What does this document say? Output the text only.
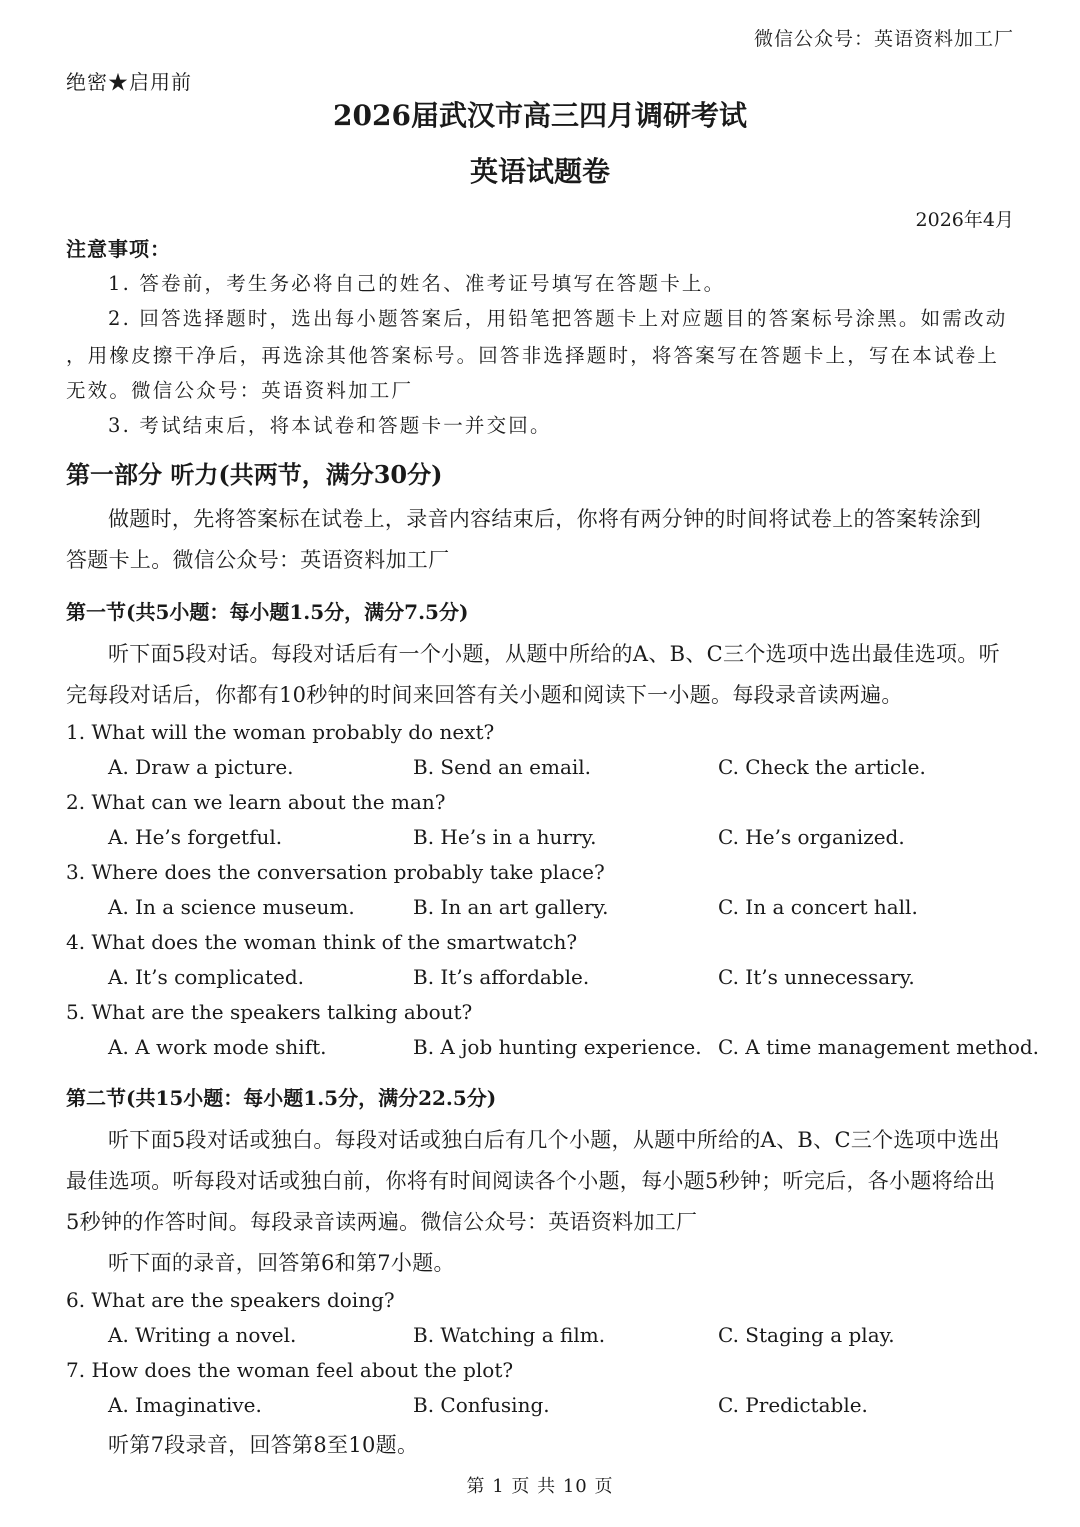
微信公众号：英语资料加工厂
绝密★启用前
2026届武汉市高三四月调研考试
英语试题卷
2026年4月
注意事项：
1. 答卷前，考生务必将自己的姓名、准考证号填写在答题卡上。
2. 回答选择题时，选出每小题答案后，用铅笔把答题卡上对应题目的答案标号涂黑。如需改动
，用橡皮擦干净后，再选涂其他答案标号。回答非选择题时，将答案写在答题卡上，写在本试卷上
无效。微信公众号：英语资料加工厂
3. 考试结束后，将本试卷和答题卡一并交回。
第一部分 听力(共两节，满分30分)
做题时，先将答案标在试卷上，录音内容结束后，你将有两分钟的时间将试卷上的答案转涂到
答题卡上。微信公众号：英语资料加工厂
第一节(共5小题：每小题1.5分，满分7.5分)
听下面5段对话。每段对话后有一个小题，从题中所给的A、B、C三个选项中选出最佳选项。听
完每段对话后，你都有10秒钟的时间来回答有关小题和阅读下一小题。每段录音读两遍。
1. What will the woman probably do next?
A. Draw a picture.	B. Send an email.	C. Check the article.
2. What can we learn about the man?
A. He’s forgetful.	B. He’s in a hurry.	C. He’s organized.
3. Where does the conversation probably take place?
A. In a science museum.	B. In an art gallery.	C. In a concert hall.
4. What does the woman think of the smartwatch?
A. It’s complicated.	B. It’s affordable.	C. It’s unnecessary.
5. What are the speakers talking about?
A. A work mode shift.	B. A job hunting experience. C. A time management method.
第二节(共15小题：每小题1.5分，满分22.5分)
听下面5段对话或独白。每段对话或独白后有几个小题，从题中所给的A、B、C三个选项中选出
最佳选项。听每段对话或独白前，你将有时间阅读各个小题，每小题5秒钟；听完后，各小题将给出
5秒钟的作答时间。每段录音读两遍。微信公众号：英语资料加工厂
听下面的录音，回答第6和第7小题。
6. What are the speakers doing?
A. Writing a novel.	B. Watching a film.	C. Staging a play.
7. How does the woman feel about the plot?
A. Imaginative.	B. Confusing.	C. Predictable.
听第7段录音，回答第8至10题。
第 1 页 共 10 页
